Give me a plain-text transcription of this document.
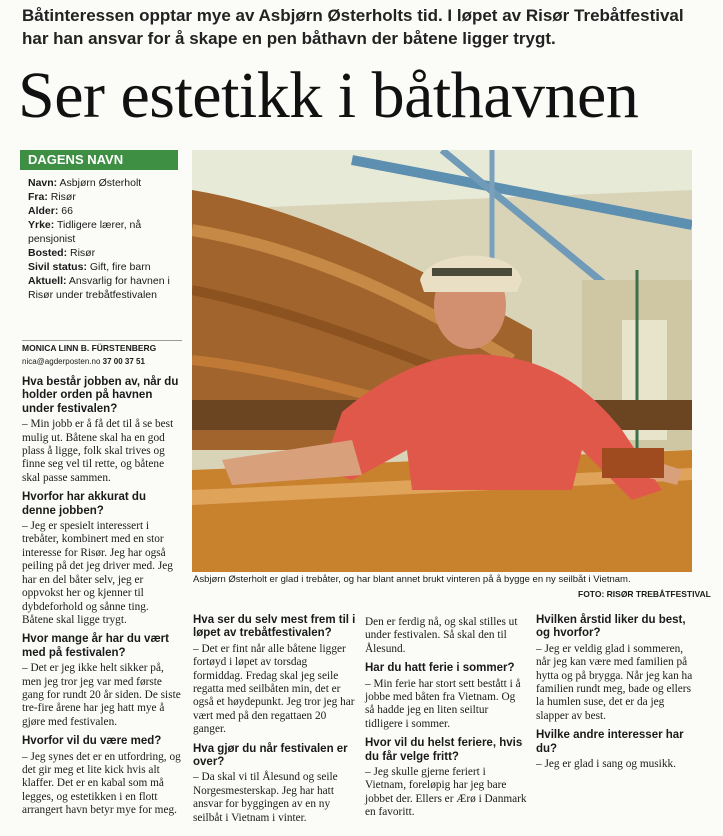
Båtinteressen opptar mye av Asbjørn Østerholts tid. I løpet av Risør Trebåtfestival har han ansvar for å skape en pen båthavn der båtene ligger trygt.
Ser estetikk i båthavnen
DAGENS NAVN
Navn: Asbjørn Østerholt
Fra: Risør
Alder: 66
Yrke: Tidligere lærer, nå pensjonist
Bosted: Risør
Sivil status: Gift, fire barn
Aktuell: Ansvarlig for havnen i Risør under trebåtfestivalen
MONICA LINN B. FÜRSTENBERG
nica@agderposten.no 37 00 37 51
Asbjørn Østerholt er glad i trebåter, og har blant annet brukt vinteren på å bygge en ny seilbåt i Vietnam.
FOTO: RISØR TREBÅTFESTIVAL
Hva består jobben av, når du holder orden på havnen under festivalen?
– Min jobb er å få det til å se best mulig ut. Båtene skal ha en god plass å ligge, folk skal trives og finne seg vel til rette, og båtene skal passe sammen.
Hvorfor har akkurat du denne jobben?
– Jeg er spesielt interessert i trebåter, kombinert med en stor interesse for Risør. Jeg har også peiling på det jeg driver med. Jeg har en del båter selv, jeg er oppvokst her og kjenner til dybdeforhold og sånne ting. Båtene skal ligge trygt.
Hvor mange år har du vært med på festivalen?
– Det er jeg ikke helt sikker på, men jeg tror jeg var med første gang for rundt 20 år siden. De siste tre-fire årene har jeg hatt mye å gjøre med festivalen.
Hvorfor vil du være med?
– Jeg synes det er en utfordring, og det gir meg et lite kick hvis alt klaffer. Det er en kabal som må legges, og estetikken i en flott arrangert havn betyr mye for meg.
Hva ser du selv mest frem til i løpet av trebåtfestivalen?
– Det er fint når alle båtene ligger fortøyd i løpet av torsdag formiddag. Fredag skal jeg seile regatta med seilbåten min, det er også et høydepunkt. Jeg tror jeg har vært med på den regattaen 20 ganger.
Hva gjør du når festivalen er over?
– Da skal vi til Ålesund og seile Norgesmesterskap. Jeg har hatt ansvar for byggingen av en ny seilbåt i Vietnam i vinter.
Den er ferdig nå, og skal stilles ut under festivalen. Så skal den til Ålesund.
Har du hatt ferie i sommer?
– Min ferie har stort sett bestått i å jobbe med båten fra Vietnam. Og så hadde jeg en liten seiltur tidligere i sommer.
Hvor vil du helst feriere, hvis du får velge fritt?
– Jeg skulle gjerne feriert i Vietnam, foreløpig har jeg bare jobbet der. Ellers er Ærø i Danmark en favoritt.
Hvilken årstid liker du best, og hvorfor?
– Jeg er veldig glad i sommeren, når jeg kan være med familien på hytta og på brygga. Når jeg kan ha familien rundt meg, bade og ellers la humlen suse, det er da jeg slapper av best.
Hvilke andre interesser har du?
– Jeg er glad i sang og musikk.
